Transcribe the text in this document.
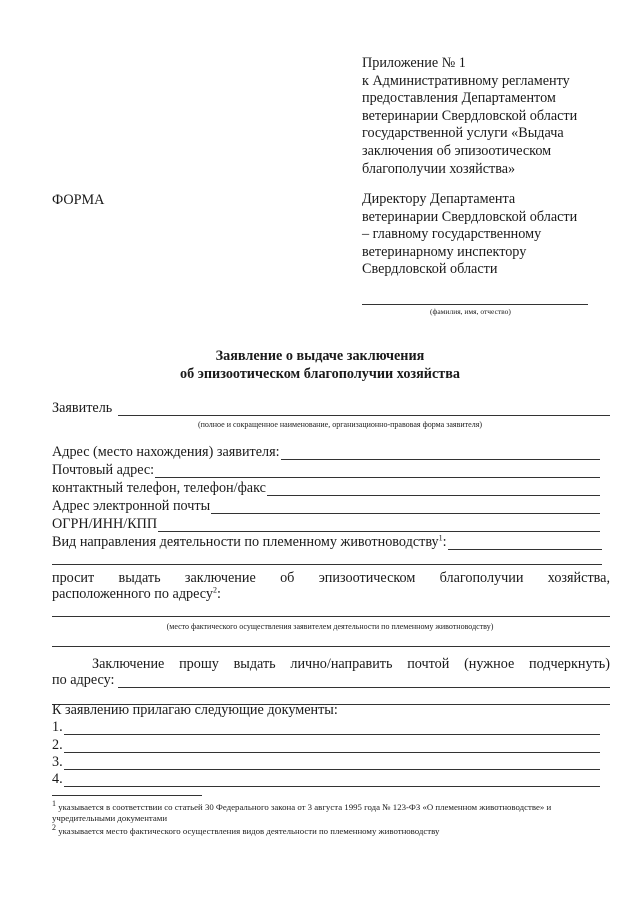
Приложение № 1
к Административному регламенту
предоставления Департаментом
ветеринарии Свердловской области
государственной услуги «Выдача
заключения об эпизоотическом
благополучии хозяйства»
ФОРМА	Директору Департамента
ветеринарии Свердловской области
– главному государственному
ветеринарному инспектору
Свердловской области
(фамилия, имя, отчество)
Заявление о выдаче заключения
об эпизоотическом благополучии хозяйства
Заявитель
(полное и сокращенное наименование, организационно-правовая форма заявителя)
Адрес (место нахождения) заявителя:
Почтовый адрес:
контактный телефон, телефон/факс
Адрес электронной почты
ОГРН/ИНН/КПП
Вид направления деятельности по племенному животноводству$^1$:
просит выдать заключение об эпизоотическом благополучии хозяйства,
расположенного по адресу$^2$:
(место фактического осуществления заявителем деятельности по племенному животноводству)
Заключение прошу выдать лично/направить почтой (нужное подчеркнуть)
по адресу:
К заявлению прилагаю следующие документы:
1.
2.
3.
4.
$^1$ указывается в соответствии со статьей 30 Федерального закона от 3 августа 1995 года № 123-ФЗ «О племенном животноводстве» и учредительными документами
$^2$ указывается место фактического осуществления видов деятельности по племенному животноводству
